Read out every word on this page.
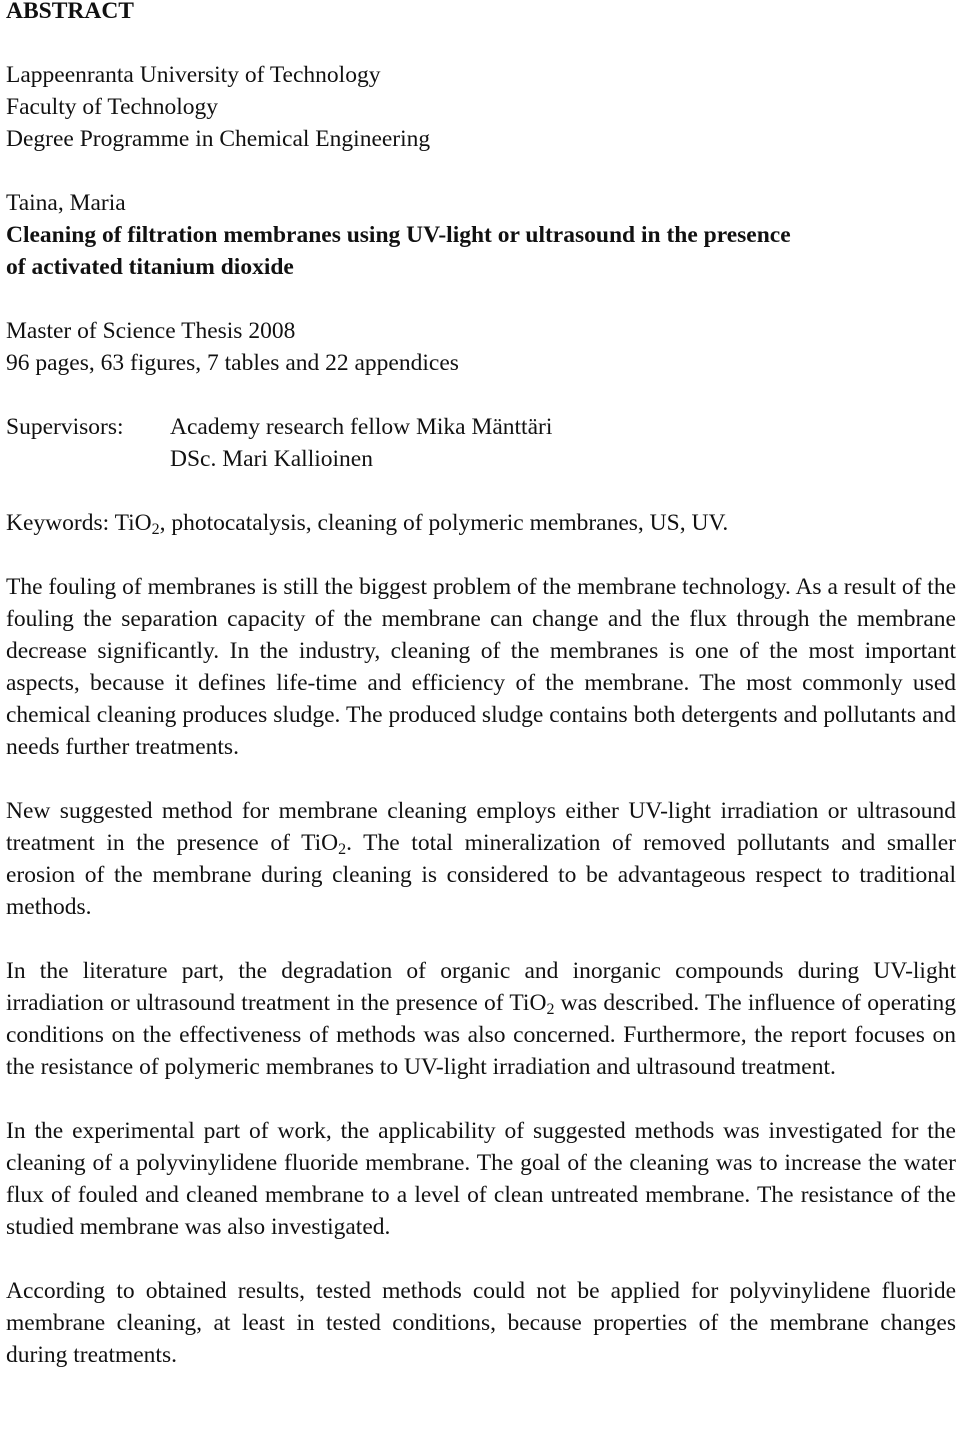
ABSTRACT
Lappeenranta University of Technology
Faculty of Technology
Degree Programme in Chemical Engineering
Taina, Maria
Cleaning of filtration membranes using UV-light or ultrasound in the presence
of activated titanium dioxide
Master of Science Thesis 2008
96 pages, 63 figures, 7 tables and 22 appendices
Supervisors:	Academy research fellow Mika Mänttäri
DSc. Mari Kallioinen
Keywords: TiO$_2$, photocatalysis, cleaning of polymeric membranes, US, UV.
The fouling of membranes is still the biggest problem of the membrane technology. As a result of the fouling the separation capacity of the membrane can change and the flux through the membrane decrease significantly. In the industry, cleaning of the membranes is one of the most important aspects, because it defines life-time and efficiency of the membrane. The most commonly used chemical cleaning produces sludge. The produced sludge contains both detergents and pollutants and needs further treatments.
New suggested method for membrane cleaning employs either UV-light irradiation or ultrasound treatment in the presence of TiO$_2$. The total mineralization of removed pollutants and smaller erosion of the membrane during cleaning is considered to be advantageous respect to traditional methods.
In the literature part, the degradation of organic and inorganic compounds during UV-light irradiation or ultrasound treatment in the presence of TiO$_2$ was described. The influence of operating conditions on the effectiveness of methods was also concerned. Furthermore, the report focuses on the resistance of polymeric membranes to UV-light irradiation and ultrasound treatment.
In the experimental part of work, the applicability of suggested methods was investigated for the cleaning of a polyvinylidene fluoride membrane. The goal of the cleaning was to increase the water flux of fouled and cleaned membrane to a level of clean untreated membrane. The resistance of the studied membrane was also investigated.
According to obtained results, tested methods could not be applied for polyvinylidene fluoride membrane cleaning, at least in tested conditions, because properties of the membrane changes during treatments.
